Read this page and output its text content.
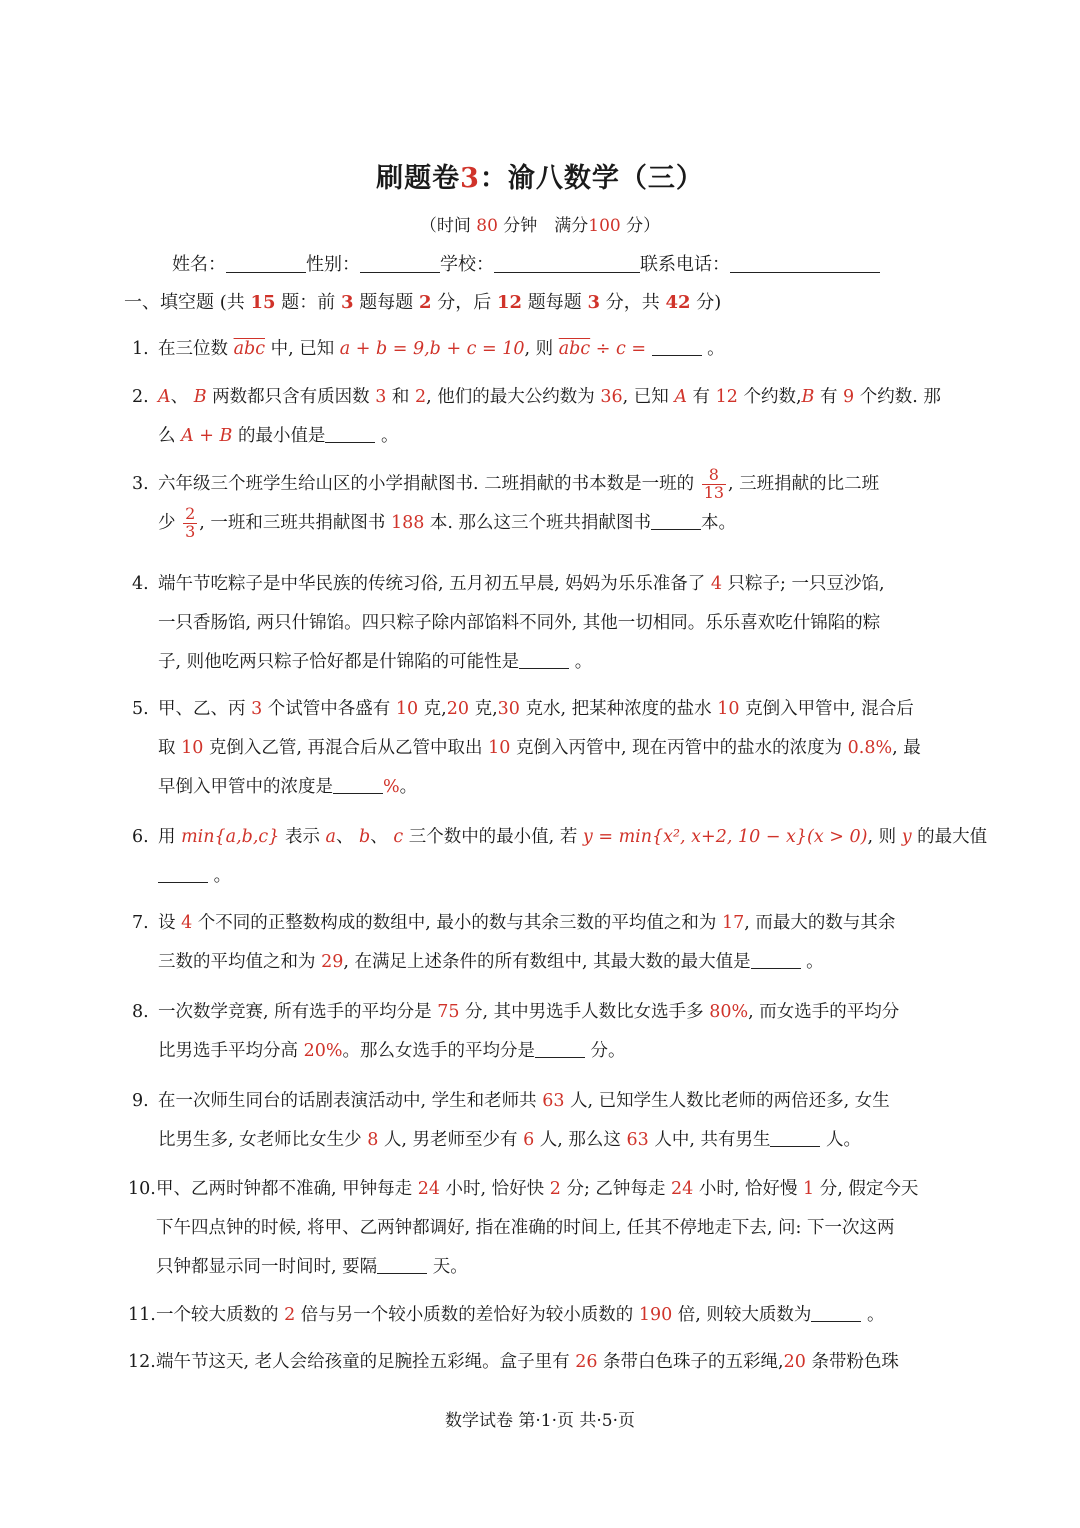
刷题卷3：渝八数学（三）
（时间 80 分钟　满分100 分）
姓名：	性别：	学校：	联系电话：
一、填空题 (共 15 题：前 3 题每题 2 分，后 12 题每题 3 分，共 42 分)
1. 在三位数 $\overline{abc}$ 中, 已知 a + b = 9,b + c = 10, 则 $\overline{abc} \div c$ =	。
2. A、 B 两数都只含有质因数 3 和 2, 他们的最大公约数为 36, 已知 A 有 12 个约数,B 有 9 个约数. 那
么 A + B 的最小值是	。
3. 六年级三个班学生给山区的小学捐献图书. 二班捐献的书本数是一班的 $\frac{8}{13}$ , 三班捐献的比二班
少 $\frac{2}{3}$ , 一班和三班共捐献图书 188 本. 那么这三个班共捐献图书	本。
4. 端午节吃粽子是中华民族的传统习俗, 五月初五早晨, 妈妈为乐乐准备了 4 只粽子; 一只豆沙馅,
一只香肠馅, 两只什锦馅。四只粽子除内部馅料不同外, 其他一切相同。乐乐喜欢吃什锦陷的粽
子, 则他吃两只粽子恰好都是什锦陷的可能性是	。
5. 甲、乙、丙 3 个试管中各盛有 10 克,20 克,30 克水, 把某种浓度的盐水 10 克倒入甲管中, 混合后
取 10 克倒入乙管, 再混合后从乙管中取出 10 克倒入丙管中, 现在丙管中的盐水的浓度为 0.8%, 最
早倒入甲管中的浓度是	%。
6. 用 min{a,b,c} 表示 a、 b、 c 三个数中的最小值, 若 y = min{x², x+2, 10 − x}(x > 0), 则 y 的最大值
。
7. 设 4 个不同的正整数构成的数组中, 最小的数与其余三数的平均值之和为 17, 而最大的数与其余
三数的平均值之和为 29, 在满足上述条件的所有数组中, 其最大数的最大值是	。
8. 一次数学竞赛, 所有选手的平均分是 75 分, 其中男选手人数比女选手多 80%, 而女选手的平均分
比男选手平均分高 20%。那么女选手的平均分是	分。
9. 在一次师生同台的话剧表演活动中, 学生和老师共 63 人, 已知学生人数比老师的两倍还多, 女生
比男生多, 女老师比女生少 8 人, 男老师至少有 6 人, 那么这 63 人中, 共有男生	人。
10. 甲、乙两时钟都不准确, 甲钟每走 24 小时, 恰好快 2 分; 乙钟每走 24 小时, 恰好慢 1 分, 假定今天
下午四点钟的时候, 将甲、乙两钟都调好, 指在准确的时间上, 任其不停地走下去, 问: 下一次这两
只钟都显示同一时间时, 要隔	天。
11. 一个较大质数的 2 倍与另一个较小质数的差恰好为较小质数的 190 倍, 则较大质数为	。
12. 端午节这天, 老人会给孩童的足腕拴五彩绳。盒子里有 26 条带白色珠子的五彩绳,20 条带粉色珠
数学试卷 第·1·页 共·5·页
